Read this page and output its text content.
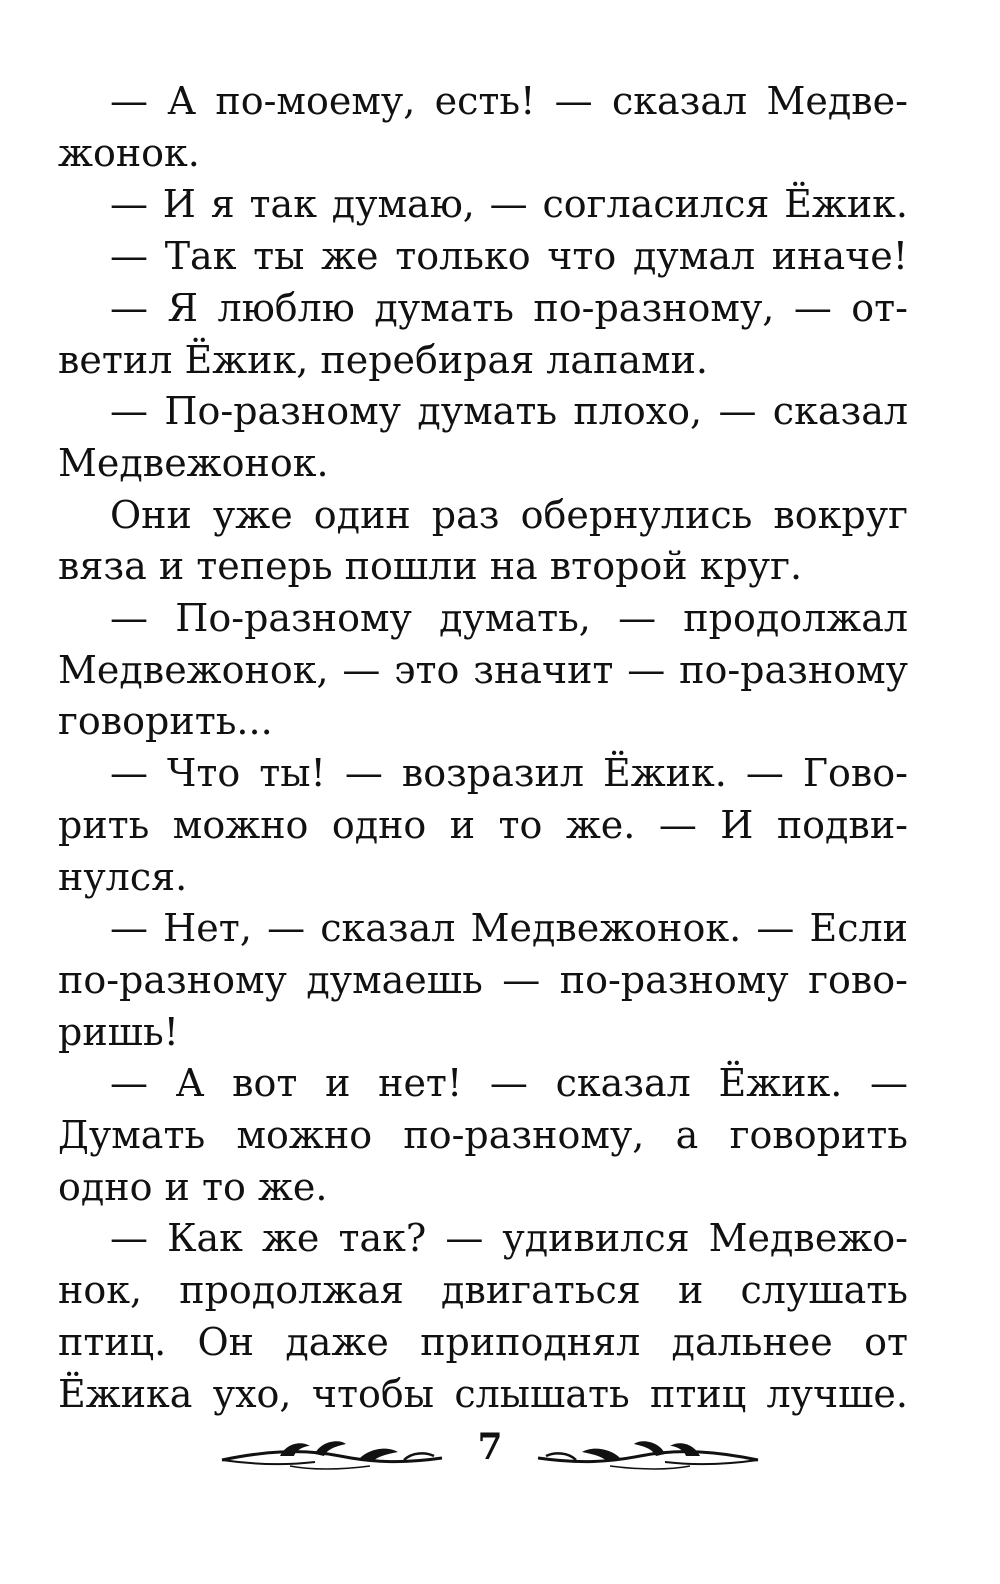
— А по-моему, есть! — сказал Медве-
жонок.
— И я так думаю, — согласился Ёжик.
— Так ты же только что думал иначе!
— Я люблю думать по-разному, — от-
ветил Ёжик, перебирая лапами.
— По-разному думать плохо, — сказал
Медвежонок.
Они уже один раз обернулись вокруг
вяза и теперь пошли на второй круг.
— По-разному думать, — продолжал
Медвежонок, — это значит — по-разному
говорить...
— Что ты! — возразил Ёжик. — Гово-
рить можно одно и то же. — И подви-
нулся.
— Нет, — сказал Медвежонок. — Если
по-разному думаешь — по-разному гово-
ришь!
— А вот и нет! — сказал Ёжик. —
Думать можно по-разному, а говорить
одно и то же.
— Как же так? — удивился Медвежо-
нок, продолжая двигаться и слушать
птиц. Он даже приподнял дальнее от
Ёжика ухо, чтобы слышать птиц лучше.
7
